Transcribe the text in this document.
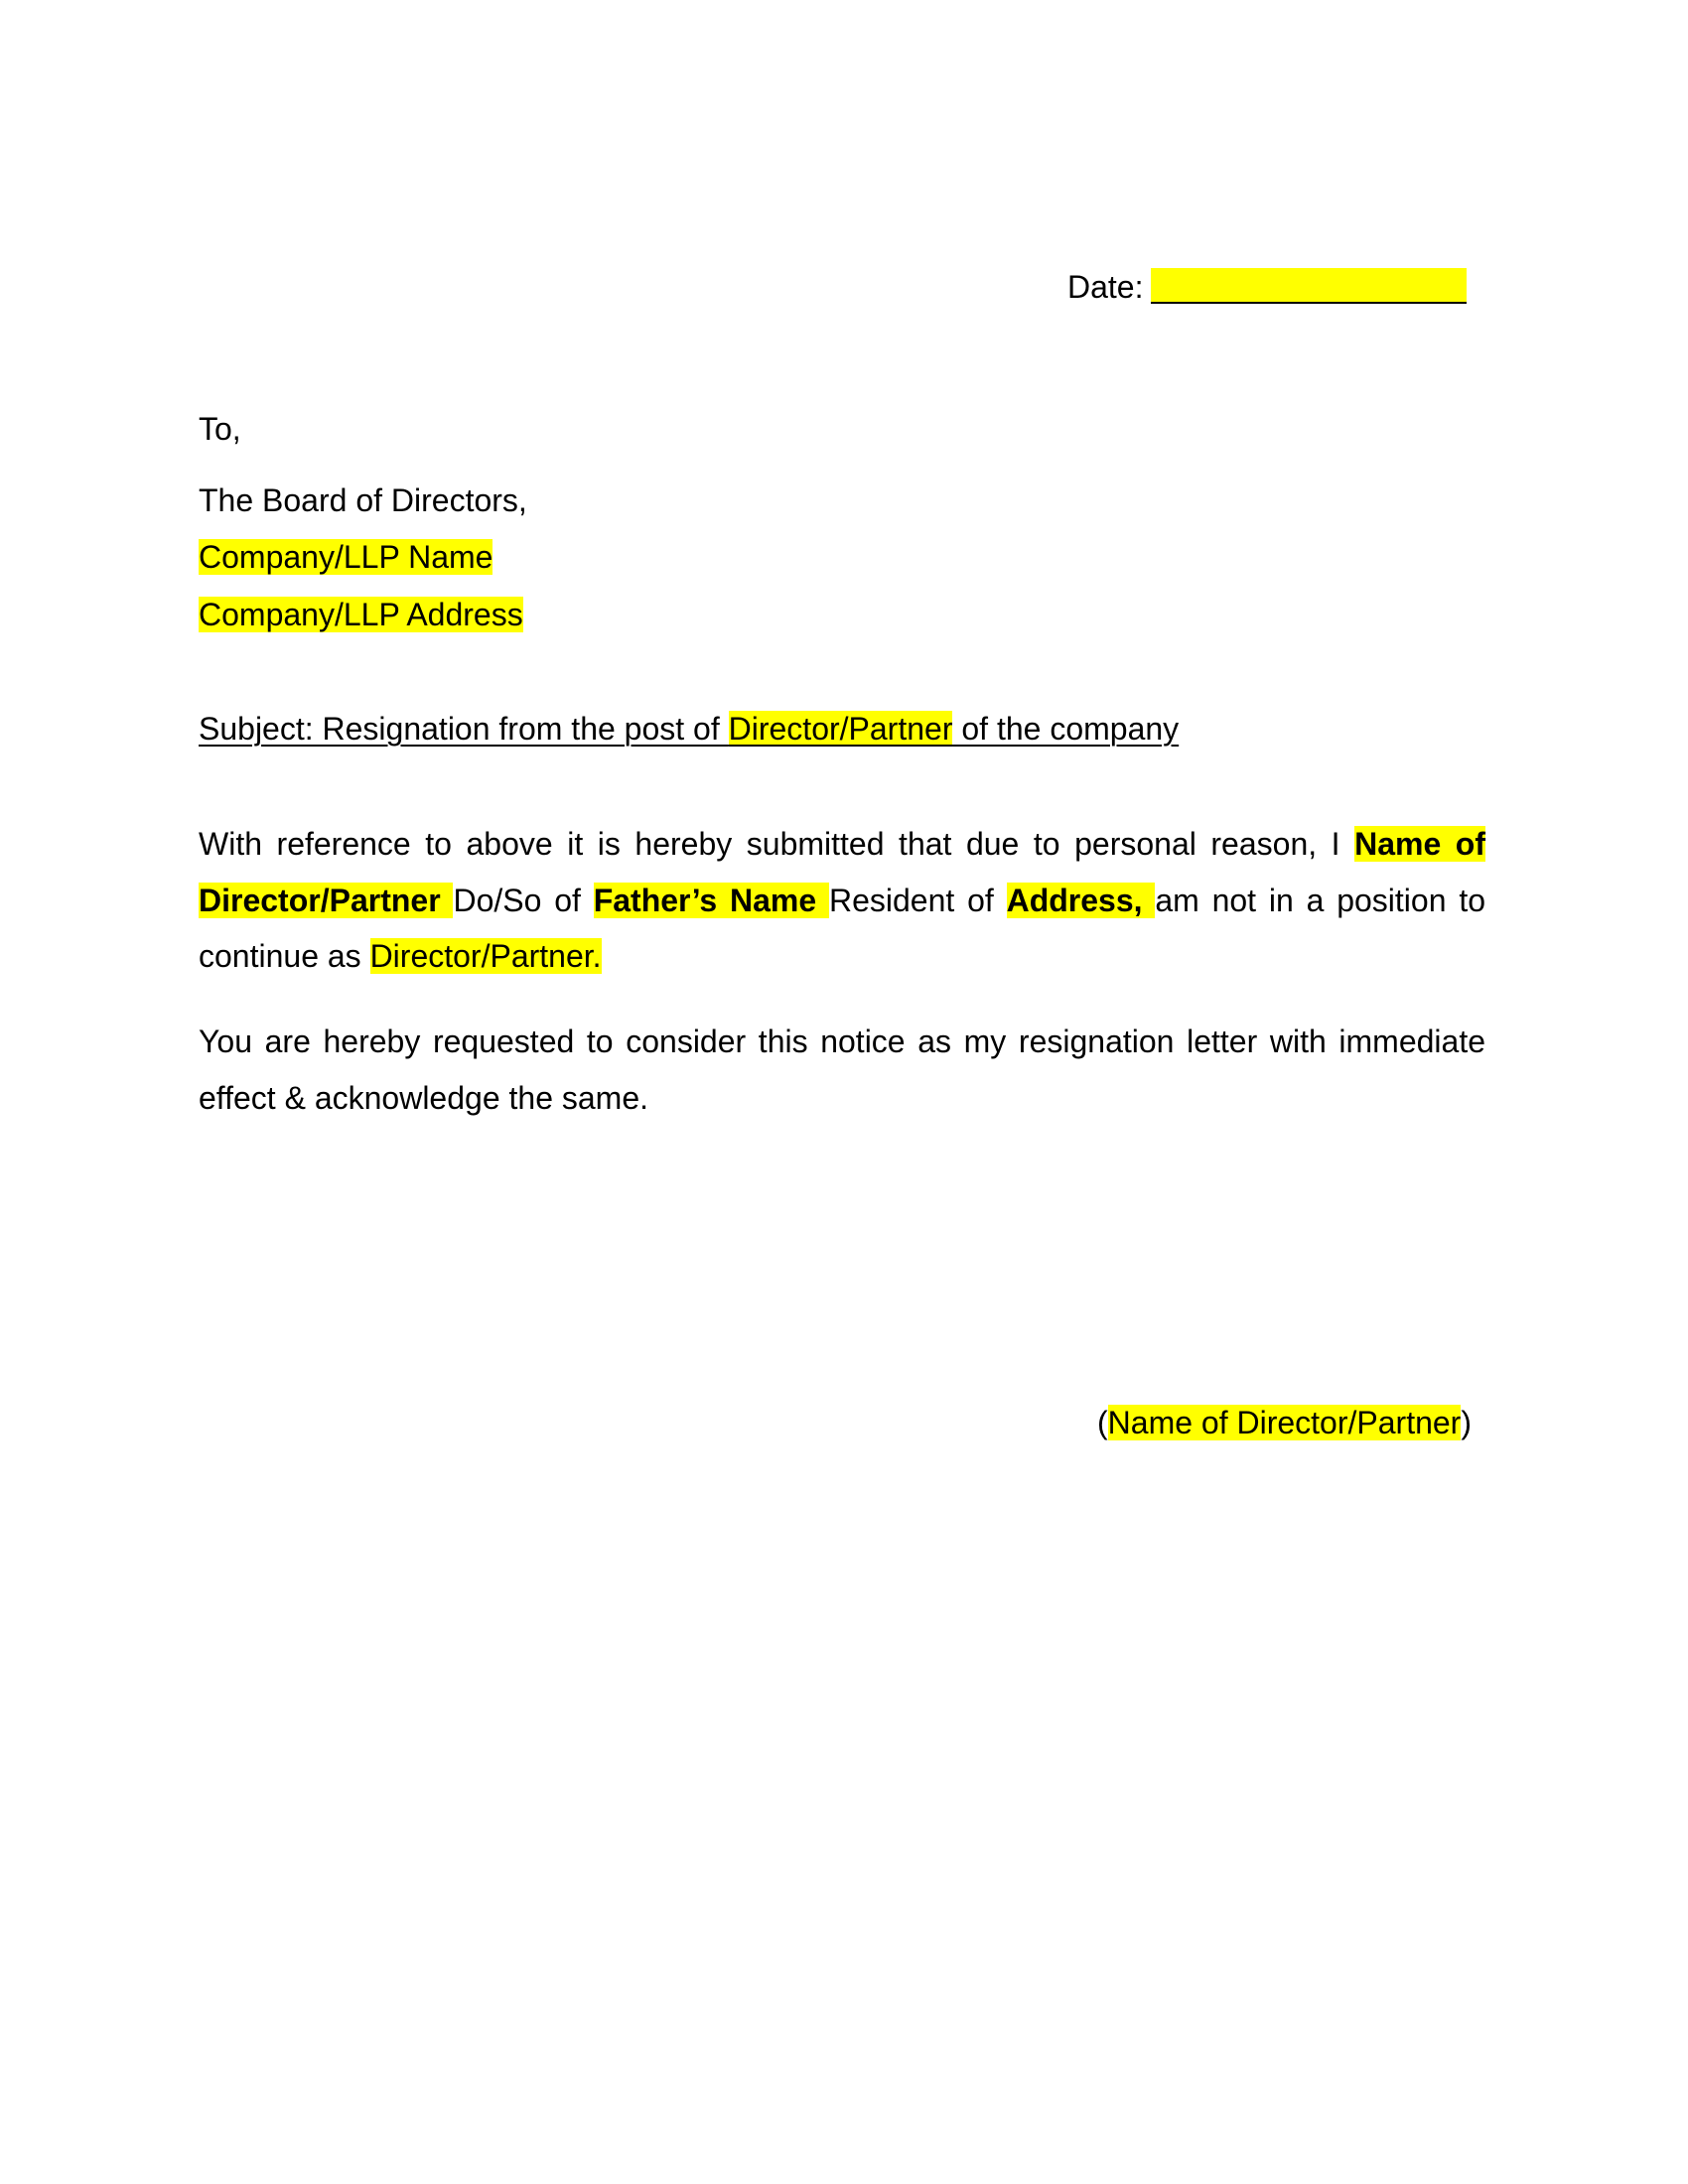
Date:
To,
The Board of Directors,
Company/LLP Name
Company/LLP Address
Subject: Resignation from the post of Director/Partner of the company
With reference to above it is hereby submitted that due to personal reason, I Name of Director/Partner Do/So of Father’s Name Resident of Address, am not in a position to continue as Director/Partner.
You are hereby requested to consider this notice as my resignation letter with immediate effect & acknowledge the same.
(Name of Director/Partner)
